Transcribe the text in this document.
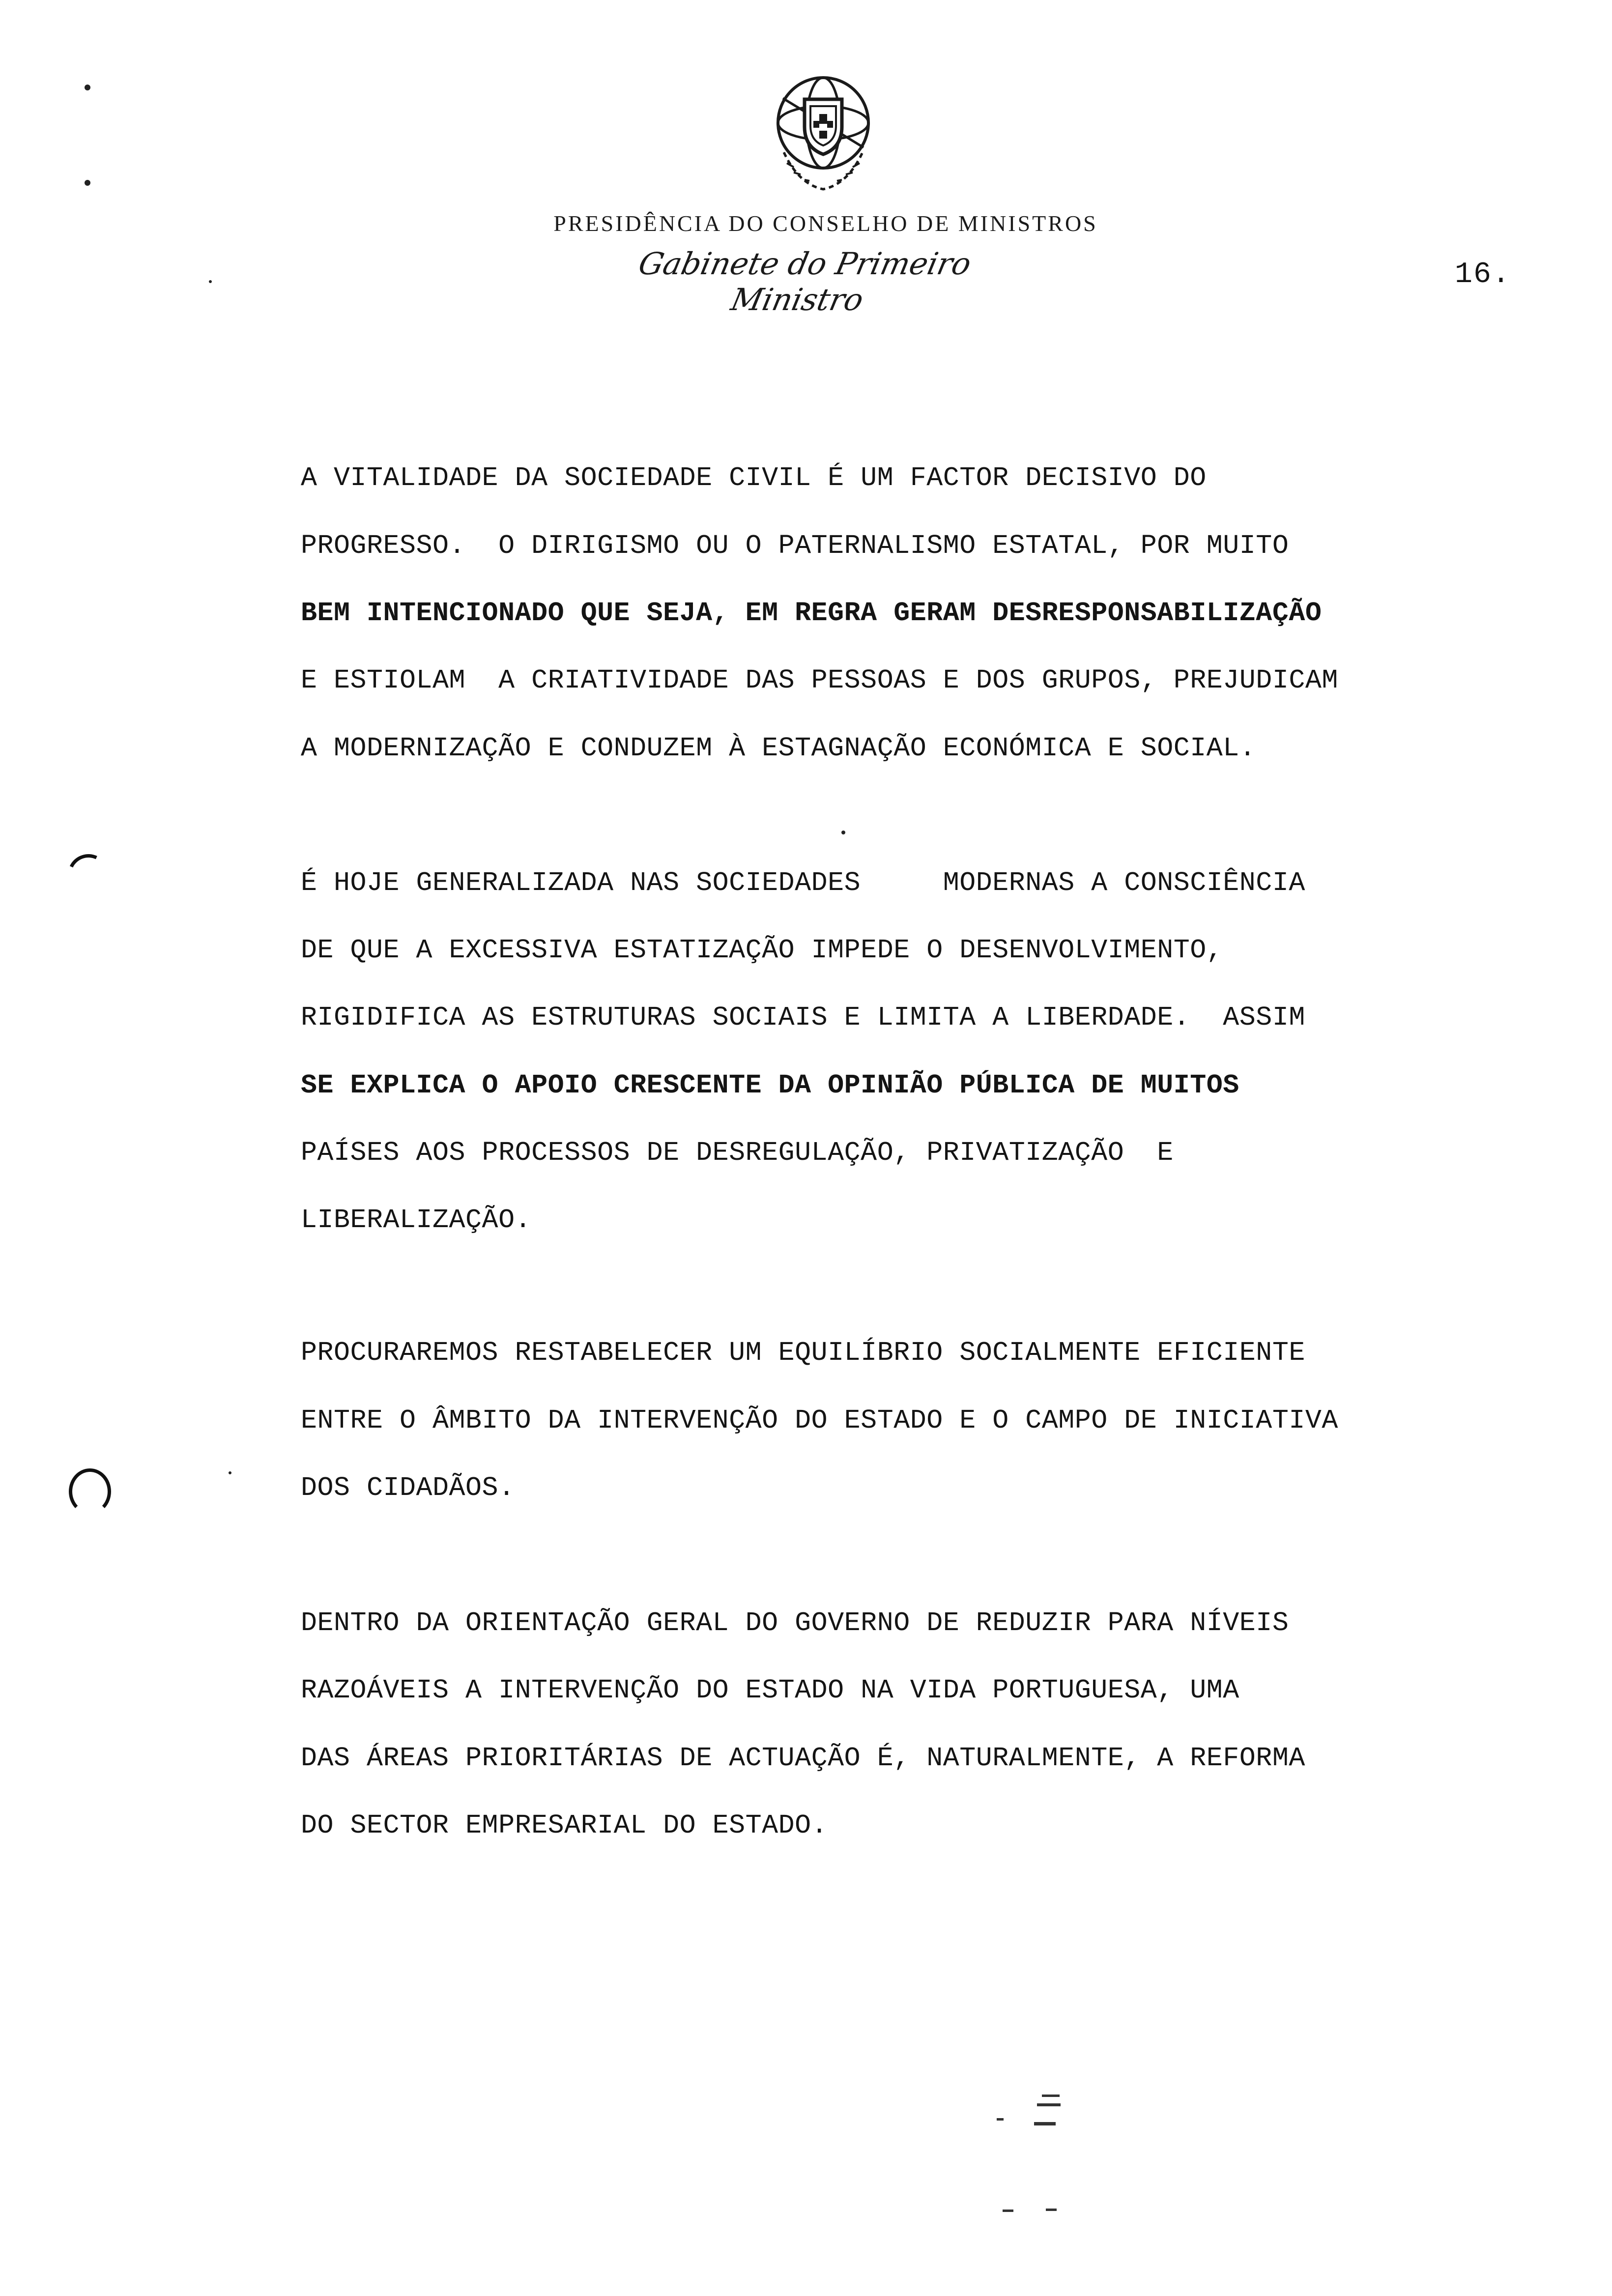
PRESIDÊNCIA DO CONSELHO DE MINISTROS
Gabinete do Primeiro Ministro
16.
A VITALIDADE DA SOCIEDADE CIVIL É UM FACTOR DECISIVO DO
PROGRESSO.  O DIRIGISMO OU O PATERNALISMO ESTATAL, POR MUITO
BEM INTENCIONADO QUE SEJA, EM REGRA GERAM DESRESPONSABILIZAÇÃO
E ESTIOLAM  A CRIATIVIDADE DAS PESSOAS E DOS GRUPOS, PREJUDICAM
A MODERNIZAÇÃO E CONDUZEM À ESTAGNAÇÃO ECONÓMICA E SOCIAL.
É HOJE GENERALIZADA NAS SOCIEDADES     MODERNAS A CONSCIÊNCIA
DE QUE A EXCESSIVA ESTATIZAÇÃO IMPEDE O DESENVOLVIMENTO,
RIGIDIFICA AS ESTRUTURAS SOCIAIS E LIMITA A LIBERDADE.  ASSIM
SE EXPLICA O APOIO CRESCENTE DA OPINIÃO PÚBLICA DE MUITOS
PAÍSES AOS PROCESSOS DE DESREGULAÇÃO, PRIVATIZAÇÃO  E
LIBERALIZAÇÃO.
PROCURAREMOS RESTABELECER UM EQUILÍBRIO SOCIALMENTE EFICIENTE
ENTRE O ÂMBITO DA INTERVENÇÃO DO ESTADO E O CAMPO DE INICIATIVA
DOS CIDADÃOS.
DENTRO DA ORIENTAÇÃO GERAL DO GOVERNO DE REDUZIR PARA NÍVEIS
RAZOÁVEIS A INTERVENÇÃO DO ESTADO NA VIDA PORTUGUESA, UMA
DAS ÁREAS PRIORITÁRIAS DE ACTUAÇÃO É, NATURALMENTE, A REFORMA
DO SECTOR EMPRESARIAL DO ESTADO.
